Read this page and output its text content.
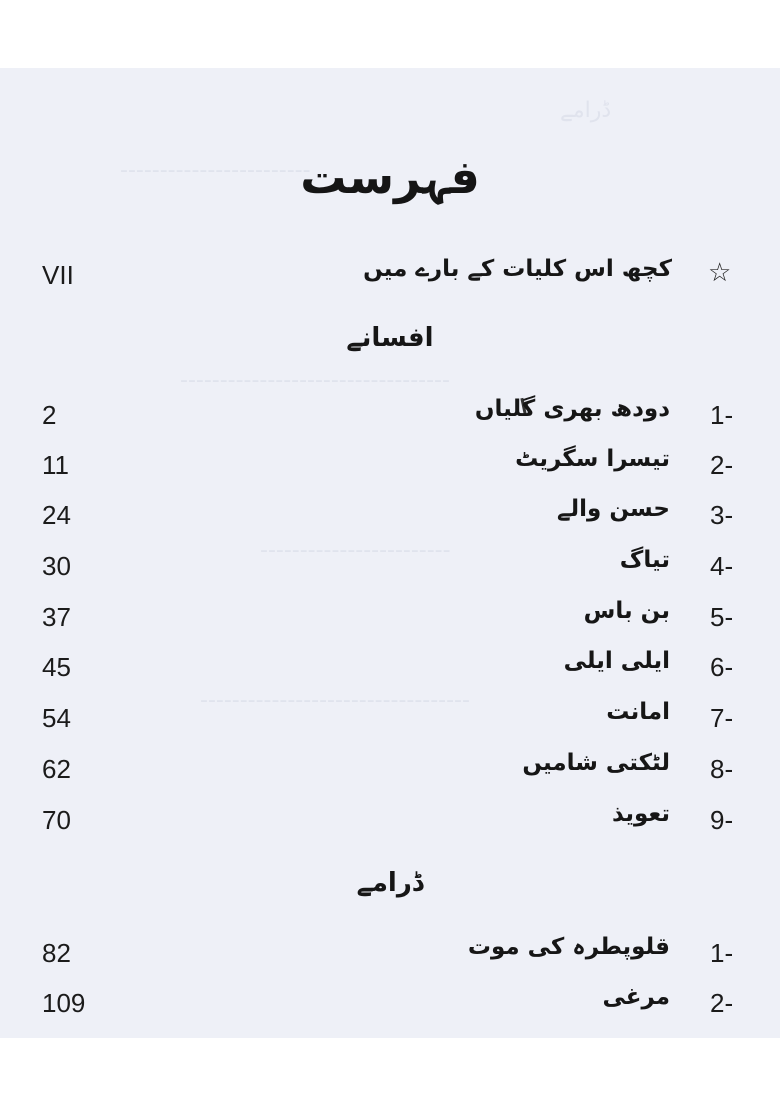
ڈرامے
------------------------
----------------------------------
------------------------
----------------------------------
فہرست
VII	کچھ اس کلیات کے بارے میں ☆
افسانے
2	دودھ بھری گلیاں 1-
11	تیسرا سگریٹ 2-
24	حسن والے 3-
30	تیاگ 4-
37	بن باس 5-
45	ایلی ایلی 6-
54	امانت 7-
62	لٹکتی شامیں 8-
70	تعویذ 9-
ڈرامے
82	قلوپطرہ کی موت 1-
109	مرغی 2-
